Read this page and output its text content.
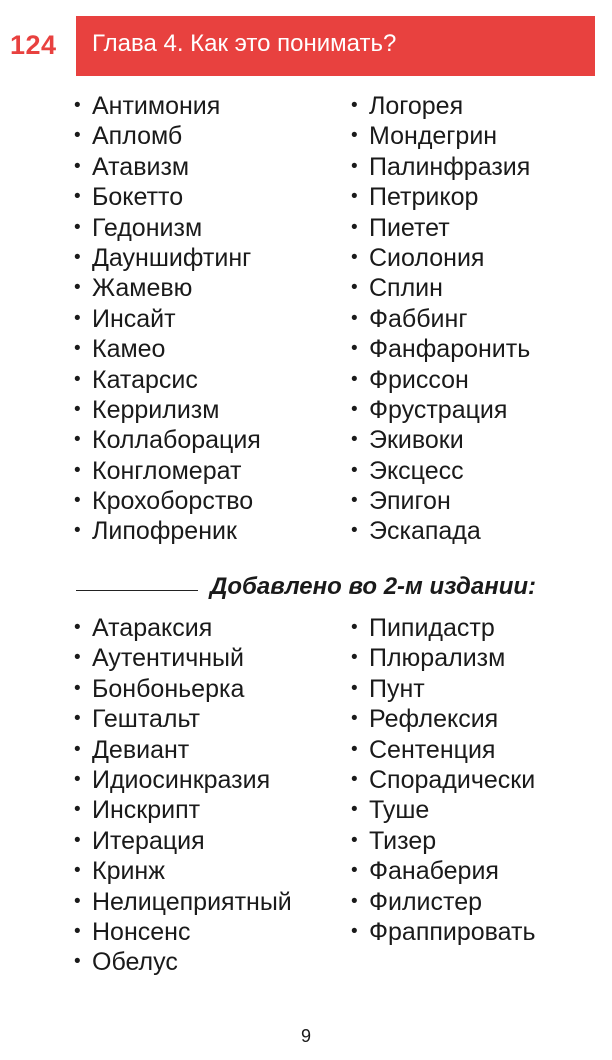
124 Глава 4. Как это понимать?
• Антимония
• Апломб
• Атавизм
• Бокетто
• Гедонизм
• Дауншифтинг
• Жамевю
• Инсайт
• Камео
• Катарсис
• Керрилизм
• Коллаборация
• Конгломерат
• Крохоборство
• Липофреник
• Логорея
• Мондегрин
• Палинфразия
• Петрикор
• Пиетет
• Сиолония
• Сплин
• Фаббинг
• Фанфаронить
• Фриссон
• Фрустрация
• Экивоки
• Эксцесс
• Эпигон
• Эскапада
Добавлено во 2-м издании:
• Атараксия
• Аутентичный
• Бонбоньерка
• Гештальт
• Девиант
• Идиосинкразия
• Инскрипт
• Итерация
• Кринж
• Нелицеприятный
• Нонсенс
• Обелус
• Пипидастр
• Плюрализм
• Пунт
• Рефлексия
• Сентенция
• Спорадически
• Туше
• Тизер
• Фанаберия
• Филистер
• Фраппировать
9
